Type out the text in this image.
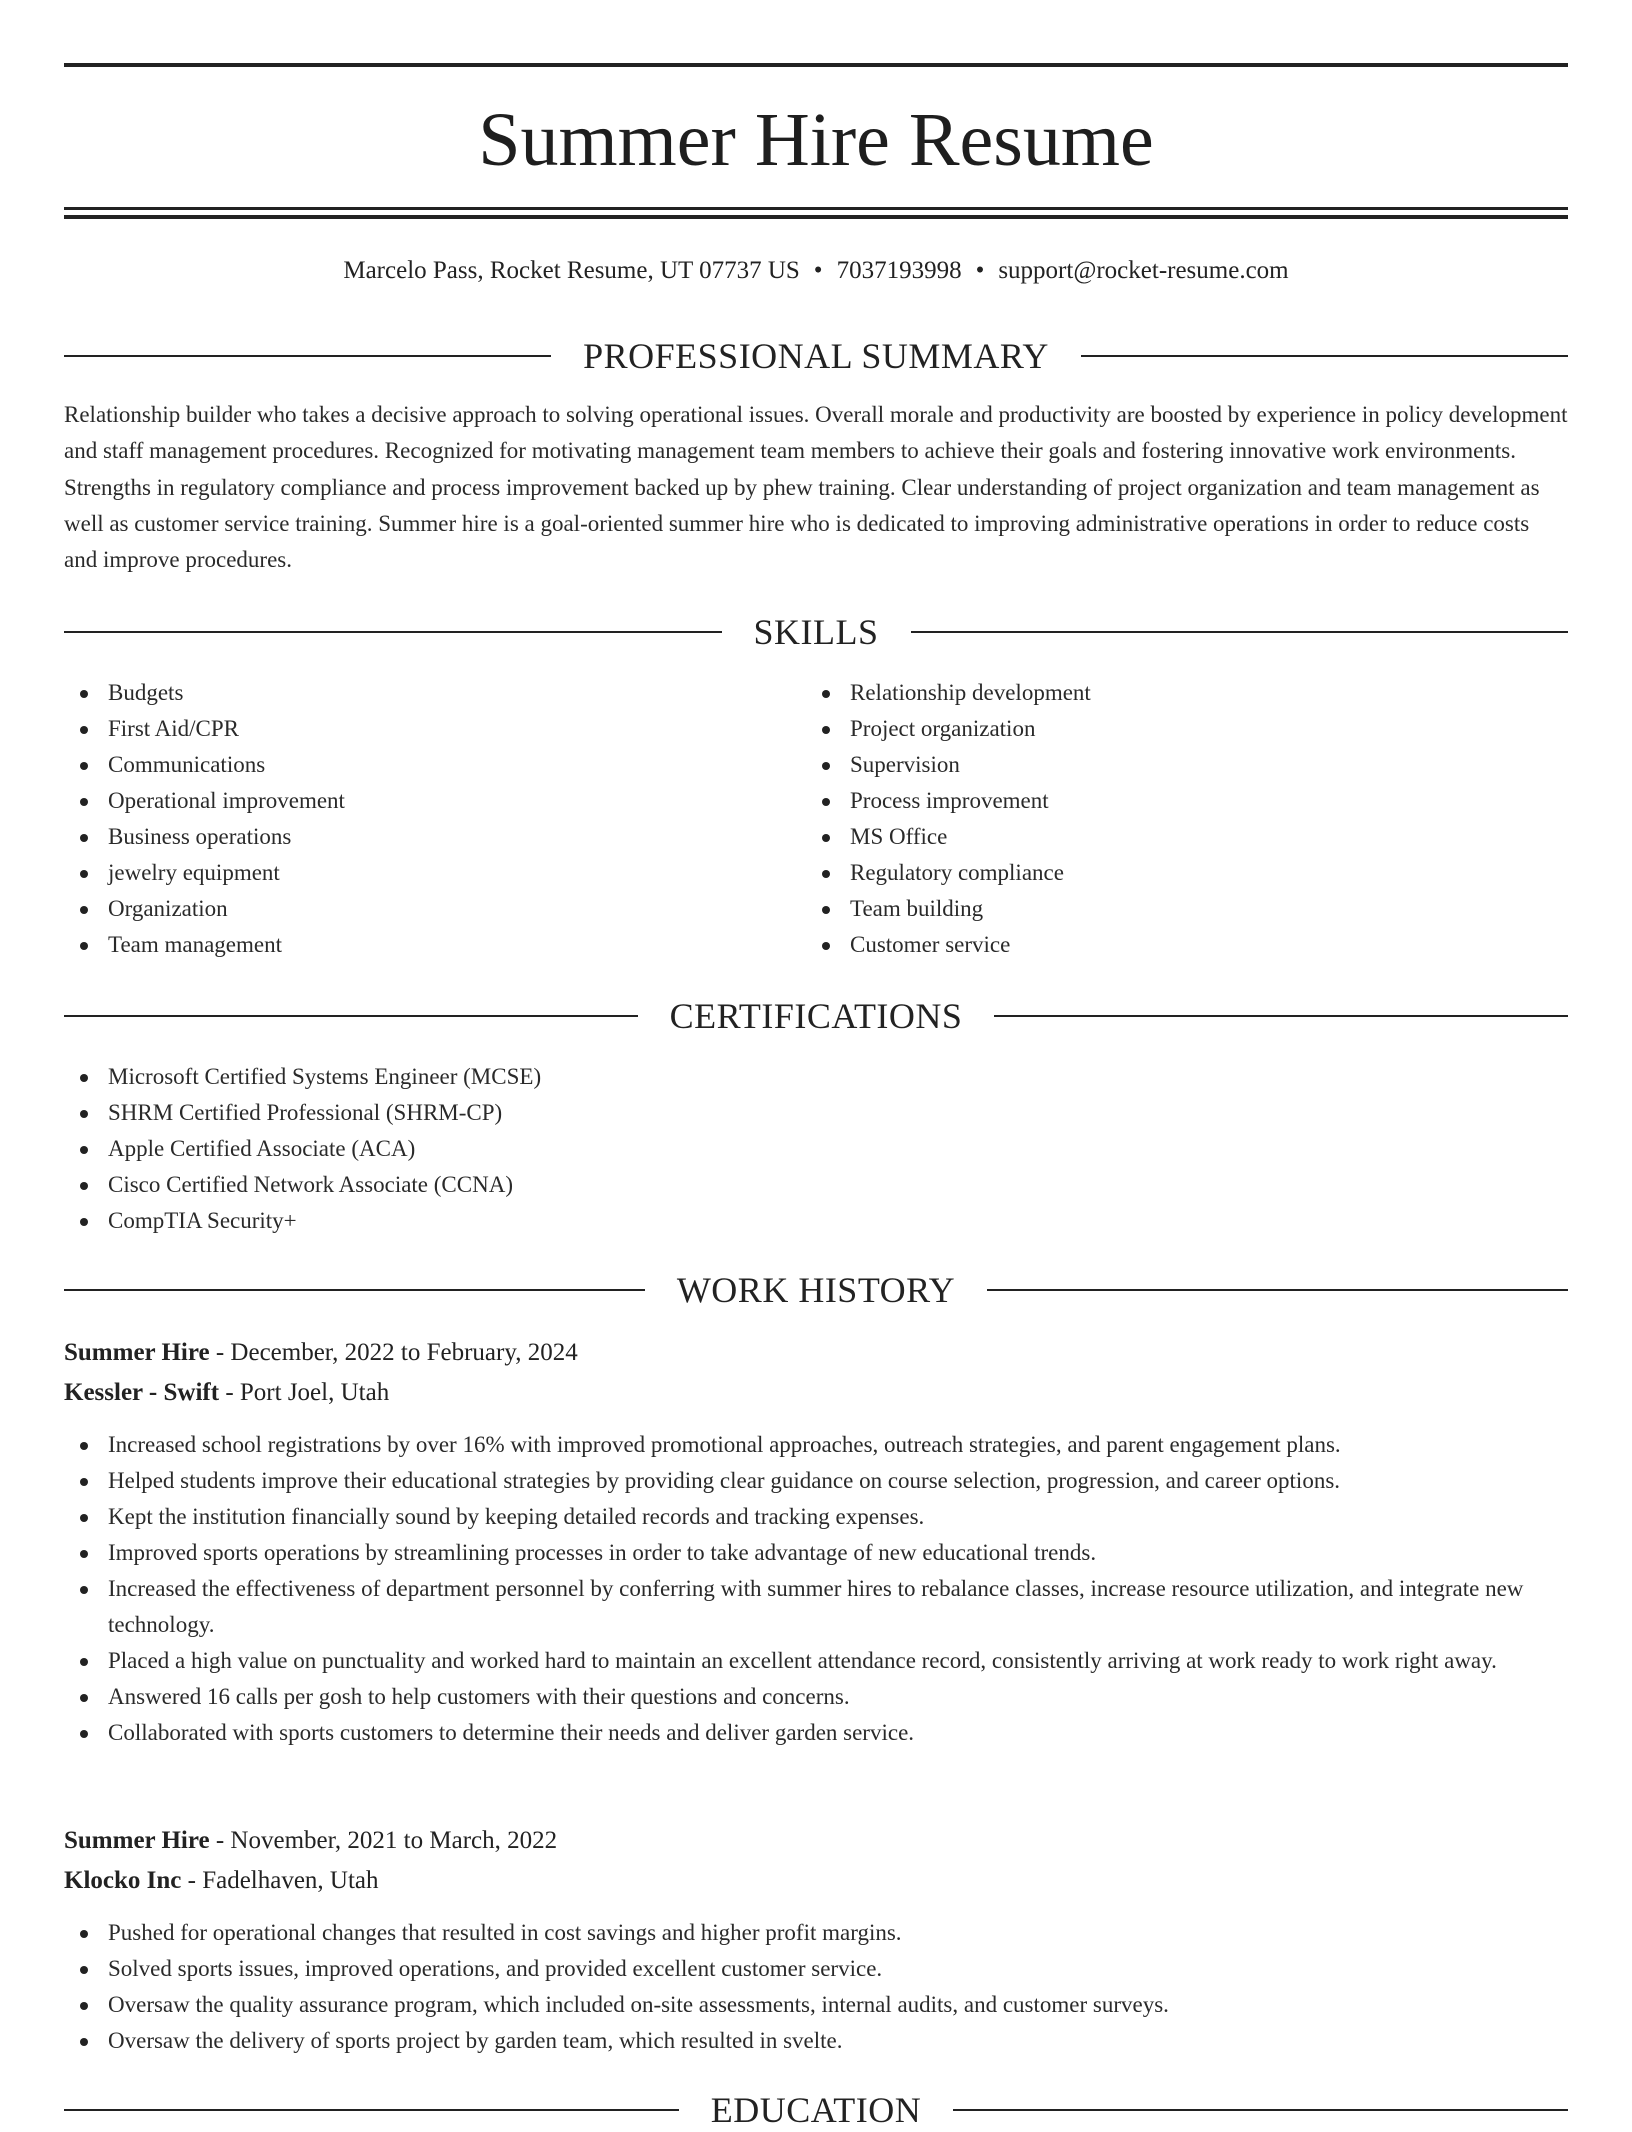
Summer Hire Resume
Marcelo Pass, Rocket Resume, UT 07737 US • 7037193998 • support@rocket-resume.com
PROFESSIONAL SUMMARY

Relationship builder who takes a decisive approach to solving operational issues. Overall morale and productivity are boosted by experience in policy development and staff management procedures. Recognized for motivating management team members to achieve their goals and fostering innovative work environments. Strengths in regulatory compliance and process improvement backed up by phew training. Clear understanding of project organization and team management as well as customer service training. Summer hire is a goal-oriented summer hire who is dedicated to improving administrative operations in order to reduce costs and improve procedures.

SKILLS
Budgets
First Aid/CPR
Communications
Operational improvement
Business operations
jewelry equipment
Organization
Team management
Relationship development
Project organization
Supervision
Process improvement
MS Office
Regulatory compliance
Team building
Customer service
CERTIFICATIONS
Microsoft Certified Systems Engineer (MCSE)
SHRM Certified Professional (SHRM-CP)
Apple Certified Associate (ACA)
Cisco Certified Network Associate (CCNA)
CompTIA Security+
WORK HISTORY
Summer Hire - December, 2022 to February, 2024
Kessler - Swift - Port Joel, Utah
Increased school registrations by over 16% with improved promotional approaches, outreach strategies, and parent engagement plans.
Helped students improve their educational strategies by providing clear guidance on course selection, progression, and career options.
Kept the institution financially sound by keeping detailed records and tracking expenses.
Improved sports operations by streamlining processes in order to take advantage of new educational trends.
Increased the effectiveness of department personnel by conferring with summer hires to rebalance classes, increase resource utilization, and integrate new technology.
Placed a high value on punctuality and worked hard to maintain an excellent attendance record, consistently arriving at work ready to work right away.
Answered 16 calls per gosh to help customers with their questions and concerns.
Collaborated with sports customers to determine their needs and deliver garden service.
Summer Hire - November, 2021 to March, 2022
Klocko Inc - Fadelhaven, Utah
Pushed for operational changes that resulted in cost savings and higher profit margins.
Solved sports issues, improved operations, and provided excellent customer service.
Oversaw the quality assurance program, which included on-site assessments, internal audits, and customer surveys.
Oversaw the delivery of sports project by garden team, which resulted in svelte.
EDUCATION
